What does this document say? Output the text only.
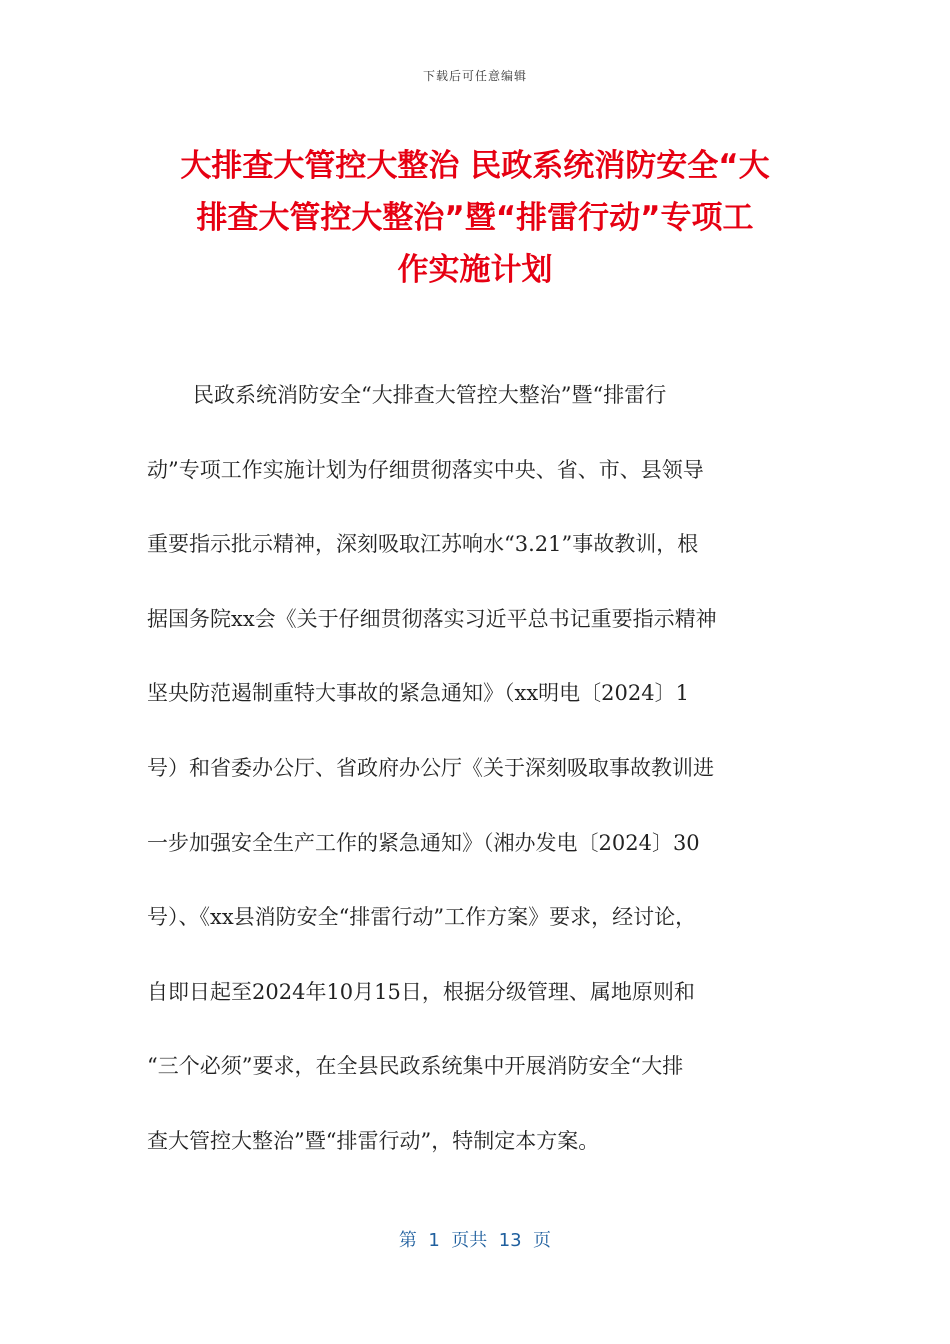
下载后可任意编辑
大排查大管控大整治 民政系统消防安全“大
排查大管控大整治”暨“排雷行动”专项工
作实施计划
民政系统消防安全“大排查大管控大整治”暨“排雷行
动”专项工作实施计划为仔细贯彻落实中央、省、市、县领导
重要指示批示精神，深刻吸取江苏响水“3.21”事故教训，根
据国务院xx会《关于仔细贯彻落实习近平总书记重要指示精神
坚央防范遏制重特大事故的紧急通知》（xx明电〔2024〕1
号）和省委办公厅、省政府办公厅《关于深刻吸取事故教训进
一步加强安全生产工作的紧急通知》（湘办发电〔2024〕30
号）、《xx县消防安全“排雷行动”工作方案》要求，经讨论，
自即日起至2024年10月15日，根据分级管理、属地原则和
“三个必须”要求，在全县民政系统集中开展消防安全“大排
查大管控大整治”暨“排雷行动”，特制定本方案。
第  1  页共  13  页
